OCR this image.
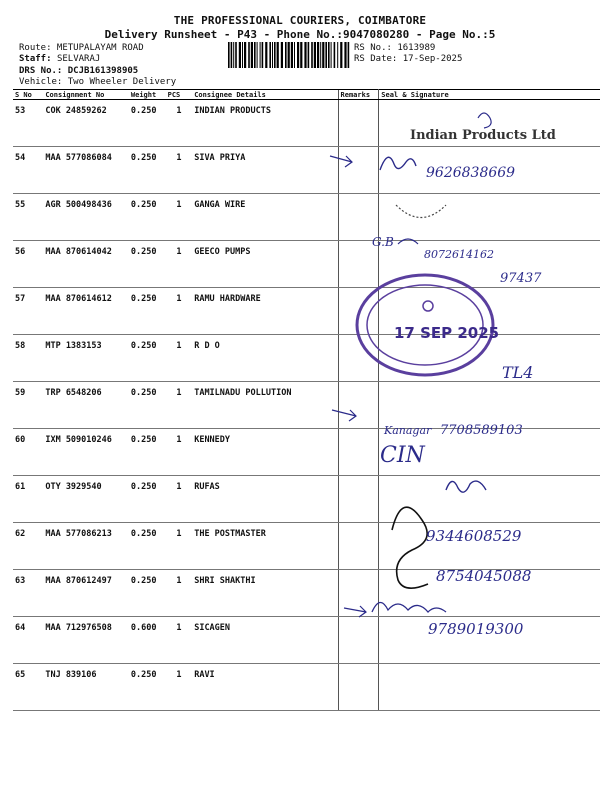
THE PROFESSIONAL COURIERS, COIMBATORE
Delivery Runsheet - P43 - Phone No.:9047080280 - Page No.:5
Route: METUPALAYAM ROAD
Staff: SELVARAJ
DRS No.: DCJB161398905
Vehicle: Two Wheeler Delivery
RS No.: 1613989
RS Date: 17-Sep-2025
S No	Consignment No	Weight	PCS	Consignee Details	Remarks	Seal & Signature
53	COK 24859262	0.250	1	INDIAN PRODUCTS		
54	MAA 577086084	0.250	1	SIVA PRIYA		
55	AGR 500498436	0.250	1	GANGA WIRE		
56	MAA 870614042	0.250	1	GEECO PUMPS		
57	MAA 870614612	0.250	1	RAMU HARDWARE		
58	MTP 1383153	0.250	1	R D O		
59	TRP 6548206	0.250	1	TAMILNADU POLLUTION		
60	IXM 509010246	0.250	1	KENNEDY		
61	OTY 3929540	0.250	1	RUFAS		
62	MAA 577086213	0.250	1	THE POSTMASTER		
63	MAA 870612497	0.250	1	SHRI SHAKTHI		
64	MAA 712976508	0.600	1	SICAGEN		
65	TNJ 839106	0.250	1	RAVI		
Indian Products Ltd
9626838669
G.B
8072614162
97437
17 SEP 2025
TL4
Kanagar 7708589103
CIN
9344608529
8754045088
9789019300
